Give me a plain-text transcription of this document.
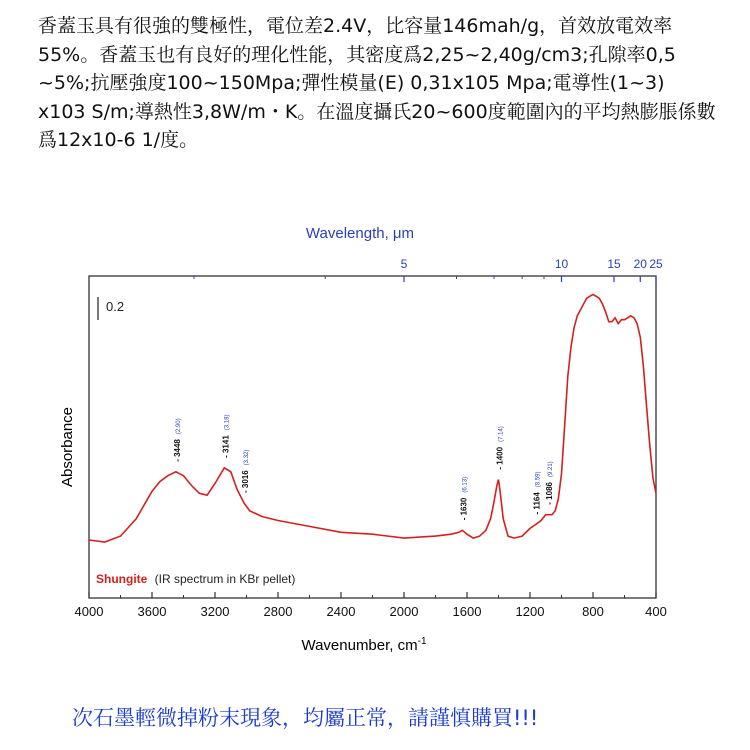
香蓋玉具有很強的雙極性，電位差2.4V，比容量146mah/g，首效放電效率55%。香蓋玉也有良好的理化性能，其密度爲2,25~2,40g/cm3;孔隙率0,5 ~5%;抗壓強度100~150Mpa;彈性模量(E) 0,31x105 Mpa;電導性(1~3) x103 S/m;導熱性3,8W/m・K。在溫度攝氏20~600度範圍內的平均熱膨脹係數爲12x10-6 1/度。

4000	3600	3200	2800	2400	2000	1600	1200	800	400
5	10	15 20 25
- 3448
(2.90)
- 3141
(3.18)
- 3016
(3.32)
- 1630
(6.13)
- 1400
(7.14)
- 1164
(8.59)
- 1086
(9.21)
Wavelength, μm
Absorbance
Wavenumber, $cm^{-1}$
0.2
Shungite (IR spectrum in KBr pellet)

次石墨輕微掉粉末現象，均屬正常，請謹慎購買!!!
